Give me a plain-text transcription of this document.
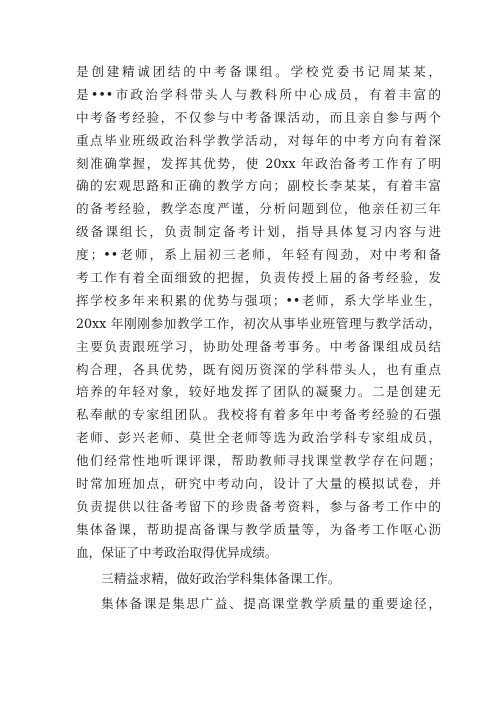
是创建精诚团结的中考备课组。学校党委书记周某某，
是•••市政治学科带头人与教科所中心成员，有着丰富的
中考备考经验，不仅参与中考备课活动，而且亲自参与两个
重点毕业班级政治科学教学活动，对每年的中考方向有着深
刻准确掌握，发挥其优势，使 20xx 年政治备考工作有了明
确的宏观思路和正确的教学方向；副校长李某某，有着丰富
的备考经验，教学态度严谨，分析问题到位，他亲任初三年
级备课组长，负责制定备考计划，指导具体复习内容与进
度；••老师，系上届初三老师，年轻有闯劲，对中考和备
考工作有着全面细致的把握，负责传授上届的备考经验，发
挥学校多年来积累的优势与强项；••老师，系大学毕业生，
20xx 年刚刚参加教学工作，初次从事毕业班管理与教学活动，
主要负责跟班学习，协助处理备考事务。中考备课组成员结
构合理，各具优势，既有阅历资深的学科带头人，也有重点
培养的年轻对象，较好地发挥了团队的凝聚力。二是创建无
私奉献的专家组团队。我校将有着多年中考备考经验的石强
老师、彭兴老师、莫世全老师等选为政治学科专家组成员，
他们经常性地听课评课，帮助教师寻找课堂教学存在问题；
时常加班加点，研究中考动向，设计了大量的模拟试卷，并
负责提供以往备考留下的珍贵备考资料，参与备考工作中的
集体备课，帮助提高备课与教学质量等，为备考工作呕心沥
血，保证了中考政治取得优异成绩。
三精益求精，做好政治学科集体备课工作。
集体备课是集思广益、提高课堂教学质量的重要途径，
